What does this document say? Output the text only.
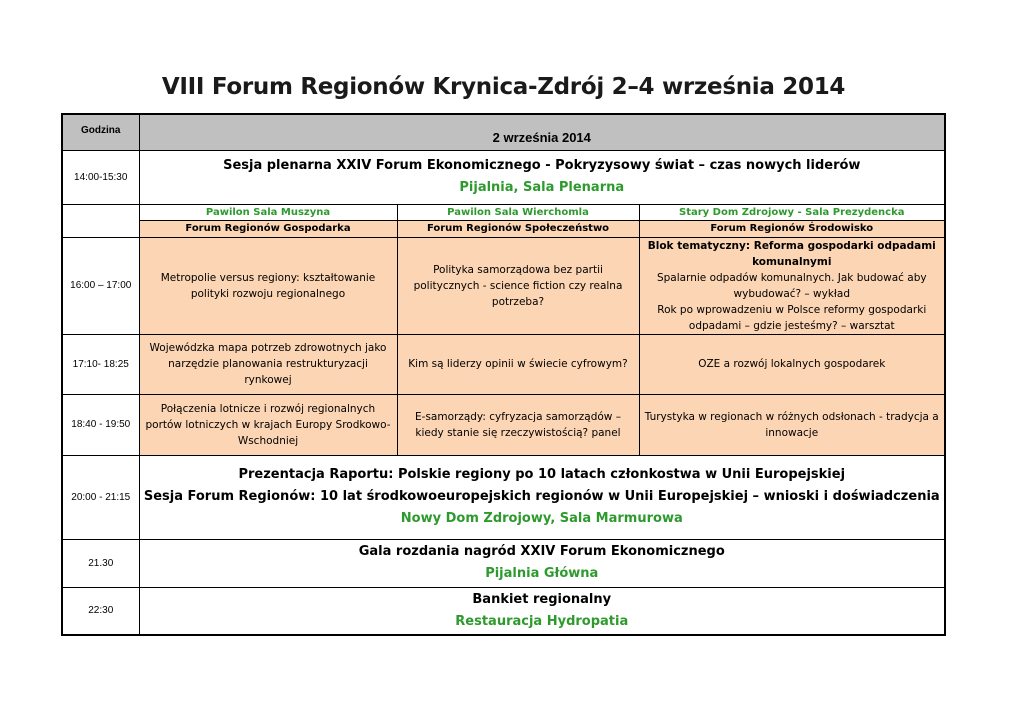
VIII Forum Regionów Krynica-Zdrój 2–4 września 2014
Godzina	2 września 2014		
14:00-15:30	Sesja plenarna XXIV Forum Ekonomicznego - Pokryzysowy świat – czas nowych liderów
Pijalnia, Sala Plenarna		

	Pawilon Sala Muszyna	Pawilon Sala Wierchomla	Stary Dom Zdrojowy - Sala Prezydencka
	Forum Regionów Gospodarka	Forum Regionów Społeczeństwo	Forum Regionów Środowisko
16:00 – 17:00	Metropolie versus regiony: kształtowanie polityki rozwoju regionalnego	Polityka samorządowa bez partii politycznych - science fiction czy realna potrzeba?	Blok tematyczny: Reforma gospodarki odpadami komunalnymi
Spalarnie odpadów komunalnych. Jak budować aby wybudować? – wykład
Rok po wprowadzeniu w Polsce reformy gospodarki odpadami – gdzie jesteśmy? – warsztat

17:10- 18:25	Wojewódzka mapa potrzeb zdrowotnych jako narzędzie planowania restrukturyzacji rynkowej	Kim są liderzy opinii w świecie cyfrowym?	OZE a rozwój lokalnych gospodarek
18:40 - 19:50	Połączenia lotnicze i rozwój regionalnych portów lotniczych w krajach Europy Srodkowo-Wschodniej	E-samorządy: cyfryzacja samorządów – kiedy stanie się rzeczywistością? panel	Turystyka w regionach w różnych odsłonach - tradycja a innowacje
20:00 - 21:15	Prezentacja Raportu: Polskie regiony po 10 latach członkostwa w Unii Europejskiej
Sesja Forum Regionów: 10 lat środkowoeuropejskich regionów w Unii Europejskiej – wnioski i doświadczenia
Nowy Dom Zdrojowy, Sala Marmurowa		

21.30	Gala rozdania nagród XXIV Forum Ekonomicznego
Pijalnia Główna		

22:30	Bankiet regionalny
Restauracja Hydropatia		
